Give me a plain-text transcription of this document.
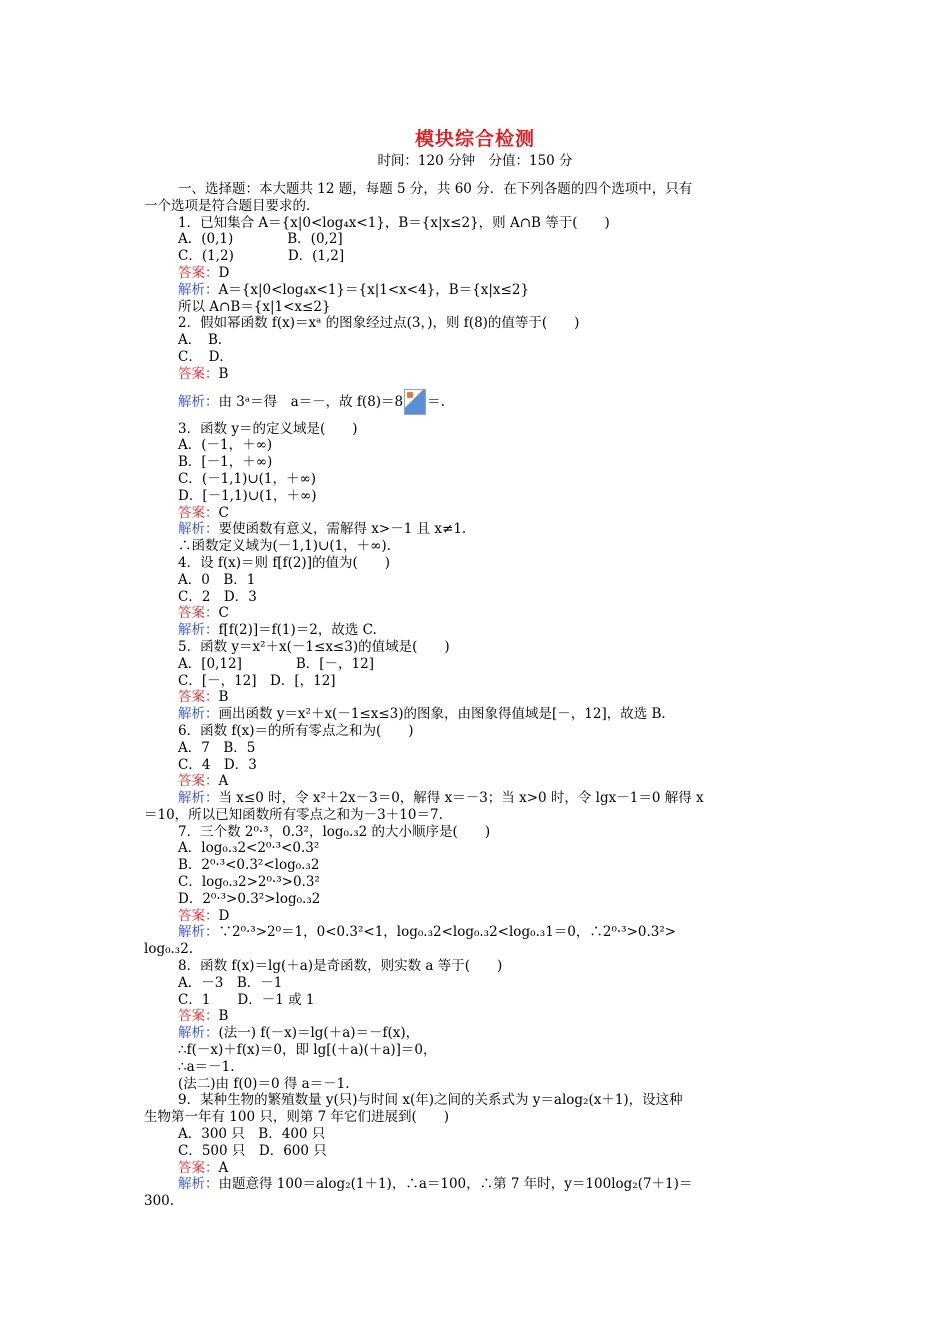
模块综合检测
时间：120 分钟　分值：150 分
一、选择题：本大题共 12 题，每题 5 分，共 60 分．在下列各题的四个选项中，只有
一个选项是符合题目要求的．
1．已知集合 A＝{x|0<log₄x<1}，B＝{x|x≤2}，则 A∩B 等于(　　)
A．(0,1)　　　　B．(0,2]
C．(1,2)　　　　D．(1,2]
答案：D
解析：A＝{x|0<log₄x<1}＝{x|1<x<4}，B＝{x|x≤2}
所以 A∩B＝{x|1<x≤2}
2．假如幂函数 f(x)＝xᵃ 的图象经过点(3，)，则 f(8)的值等于(　　)
A．　B．
C．　D．
答案：B
解析：由 3ᵃ＝得　a＝－，故 f(8)＝8 ＝.
3．函数 y＝的定义域是(　　)
A．(－1，＋∞)
B．[－1，＋∞)
C．(－1,1)∪(1，＋∞)
D．[－1,1)∪(1，＋∞)
答案：C
解析：要使函数有意义，需解得 x>－1 且 x≠1.
∴函数定义域为(－1,1)∪(1，＋∞).
4．设 f(x)＝则 f[f(2)]的值为(　　)
A．0　B．1
C．2　D．3
答案：C
解析：f[f(2)]＝f(1)＝2，故选 C.
5．函数 y＝x²＋x(－1≤x≤3)的值域是(　　)
A．[0,12]　　　　B．[－，12]
C．[－，12]　D．[，12]
答案：B
解析：画出函数 y＝x²＋x(－1≤x≤3)的图象，由图象得值域是[－，12]，故选 B.
6．函数 f(x)＝的所有零点之和为(　　)
A．7　B．5
C．4　D．3
答案：A
解析：当 x≤0 时，令 x²＋2x－3＝0，解得 x＝－3；当 x>0 时，令 lgx－1＝0 解得 x
＝10，所以已知函数所有零点之和为－3＋10＝7.
7．三个数 2⁰·³，0.3²，log₀.₃2 的大小顺序是(　　)
A．log₀.₃2<2⁰·³<0.3²
B．2⁰·³<0.3²<log₀.₃2
C．log₀.₃2>2⁰·³>0.3²
D．2⁰·³>0.3²>log₀.₃2
答案：D
解析：∵2⁰·³>2⁰＝1，0<0.3²<1，log₀.₃2<log₀.₃2<log₀.₃1＝0，∴2⁰·³>0.3²>
log₀.₃2.
8．函数 f(x)＝lg(＋a)是奇函数，则实数 a 等于(　　)
A．－3　B．－1
C．1　　D．－1 或 1
答案：B
解析：(法一) f(－x)＝lg(＋a)＝－f(x)，
∴f(－x)＋f(x)＝0，即 lg[(＋a)(＋a)]＝0，
∴a＝－1.
(法二)由 f(0)＝0 得 a＝－1.
9．某种生物的繁殖数量 y(只)与时间 x(年)之间的关系式为 y＝alog₂(x＋1)，设这种
生物第一年有 100 只，则第 7 年它们进展到(　　)
A．300 只　B．400 只
C．500 只　D．600 只
答案：A
解析：由题意得 100＝alog₂(1＋1)，∴a＝100，∴第 7 年时，y＝100log₂(7＋1)＝
300.
